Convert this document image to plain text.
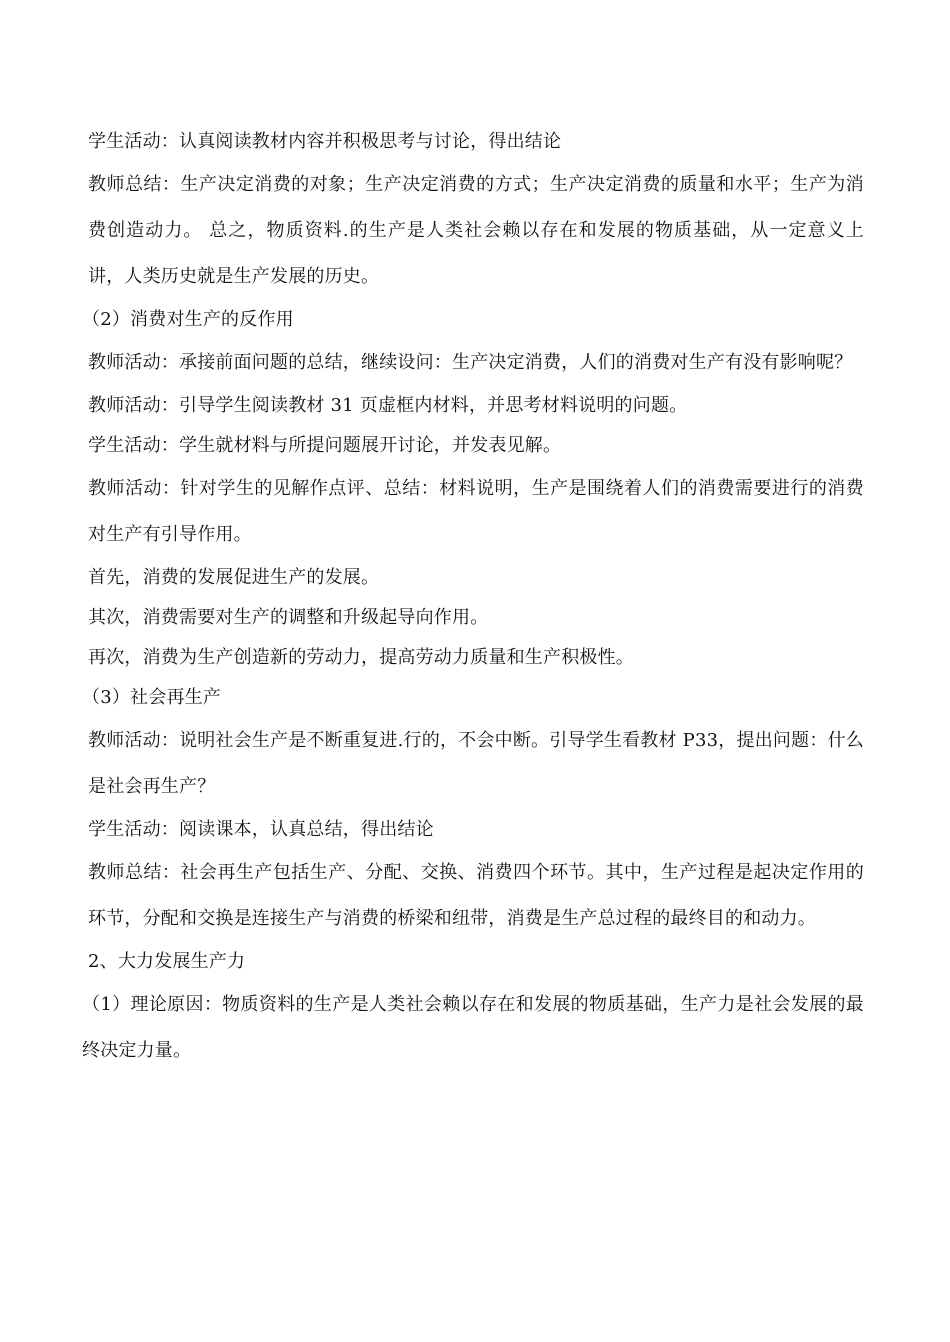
学生活动：认真阅读教材内容并积极思考与讨论，得出结论

教师总结：生产决定消费的对象；生产决定消费的方式；生产决定消费的质量和水平；生产为消费创造动力。 总之，物质资料.的生产是人类社会赖以存在和发展的物质基础，从一定意义上讲，人类历史就是生产发展的历史。

（2）消费对生产的反作用

教师活动：承接前面问题的总结，继续设问：生产决定消费，人们的消费对生产有没有影响呢？

教师活动：引导学生阅读教材 31 页虚框内材料，并思考材料说明的问题。

学生活动：学生就材料与所提问题展开讨论，并发表见解。

教师活动：针对学生的见解作点评、总结：材料说明，生产是围绕着人们的消费需要进行的消费对生产有引导作用。

首先，消费的发展促进生产的发展。

其次，消费需要对生产的调整和升级起导向作用。

再次，消费为生产创造新的劳动力，提高劳动力质量和生产积极性。

（3）社会再生产

教师活动：说明社会生产是不断重复进.行的，不会中断。引导学生看教材 P33，提出问题：什么是社会再生产？

学生活动：阅读课本，认真总结，得出结论

教师总结：社会再生产包括生产、分配、交换、消费四个环节。其中，生产过程是起决定作用的环节，分配和交换是连接生产与消费的桥梁和纽带，消费是生产总过程的最终目的和动力。

2、大力发展生产力

（1）理论原因：物质资料的生产是人类社会赖以存在和发展的物质基础，生产力是社会发展的最终决定力量。
